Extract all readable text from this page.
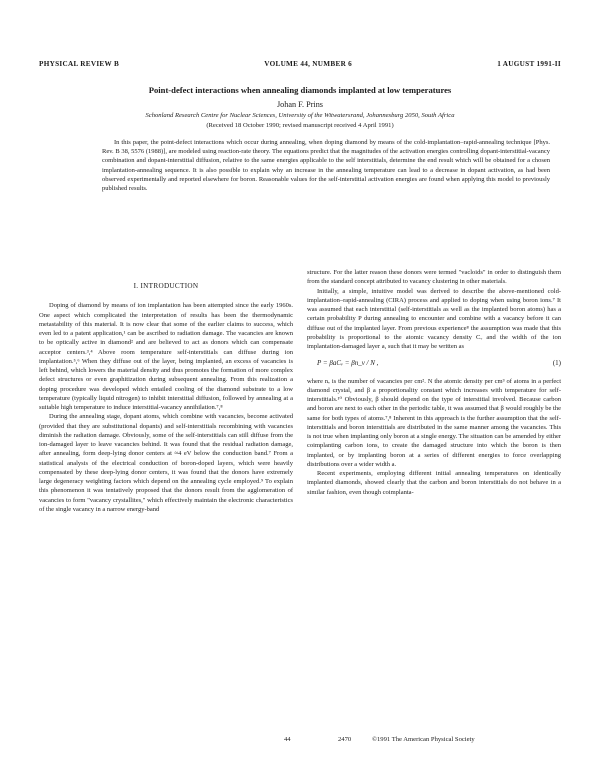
PHYSICAL REVIEW B	VOLUME 44, NUMBER 6	1 AUGUST 1991-II
Point-defect interactions when annealing diamonds implanted at low temperatures
Johan F. Prins
Schonland Research Centre for Nuclear Sciences, University of the Witwatersrand, Johannesburg 2050, South Africa
(Received 18 October 1990; revised manuscript received 4 April 1991)
In this paper, the point-defect interactions which occur during annealing, when doping diamond by means of the cold-implantation–rapid-annealing technique [Phys. Rev. B 38, 5576 (1988)], are modeled using reaction-rate theory. The equations predict that the magnitudes of the activation energies controlling dopant-interstitial-vacancy combination and dopant-interstitial diffusion, relative to the same energies applicable to the self interstitials, determine the end result which will be obtained for a chosen implantation-annealing sequence. It is also possible to explain why an increase in the annealing temperature can lead to a decrease in dopant activation, as had been observed experimentally and reported elsewhere for boron. Reasonable values for the self-interstitial activation energies are found when applying this model to previously published results.
I. INTRODUCTION

Doping of diamond by means of ion implantation has been attempted since the early 1960s. One aspect which complicated the interpretation of results has been the thermodynamic metastability of this material. It is now clear that some of the earlier claims to success, which even led to a patent application,¹ can be ascribed to radiation damage. The vacancies are known to be optically active in diamond² and are believed to act as donors which can compensate acceptor centers.³,⁴ Above room temperature self-interstitials can diffuse during ion implantation.⁵,⁶ When they diffuse out of the layer, being implanted, an excess of vacancies is left behind, which lowers the material density and thus promotes the formation of more complex defect structures or even graphitization during subsequent annealing. From this realization a doping procedure was developed which entailed cooling of the diamond substrate to a low temperature (typically liquid nitrogen) to inhibit interstitial diffusion, followed by annealing at a suitable high temperature to induce interstitial-vacancy annihilation.⁷,⁸

During the annealing stage, dopant atoms, which combine with vacancies, become activated (provided that they are substitutional dopants) and self-interstitials recombining with vacancies diminish the radiation damage. Obviously, some of the self-interstitials can still diffuse from the ion-damaged layer to leave vacancies behind. It was found that the residual radiation damage, after annealing, form deep-lying donor centers at ≈4 eV below the conduction band.⁷ From a statistical analysis of the electrical conduction of boron-doped layers, which were heavily compensated by these deep-lying donor centers, it was found that the donors have extremely large degeneracy weighting factors which depend on the annealing cycle employed.⁹ To explain this phenomenon it was tentatively proposed that the donors result from the agglomeration of vacancies to form "vacancy crystallites," which effectively maintain the electronic characteristics of the single vacancy in a narrow energy-band

structure. For the latter reason these donors were termed "vacloids" in order to distinguish them from the standard concept attributed to vacancy clustering in other materials.

Initially, a simple, intuitive model was derived to describe the above-mentioned cold-implantation–rapid-annealing (CIRA) process and applied to doping when using boron ions.⁷ It was assumed that each interstitial (self-interstitials as well as the implanted boron atoms) has a certain probability P during annealing to encounter and combine with a vacancy before it can diffuse out of the implanted layer. From previous experience⁸ the assumption was made that this probability is proportional to the atomic vacancy density Cᵥ and the width of the ion implantation-damaged layer a, such that it may be written as

P = βaCᵥ = βn_v / N ,	(1)

where nᵥ is the number of vacancies per cm². N the atomic density per cm³ of atoms in a perfect diamond crystal, and β a proportionality constant which increases with temperature for self-interstitials.¹⁰ Obviously, β should depend on the type of interstitial involved. Because carbon and boron are next to each other in the periodic table, it was assumed that β would roughly be the same for both types of atoms.⁷,⁸ Inherent in this approach is the further assumption that the self-interstitials and boron interstitials are distributed in the same manner among the vacancies. This is not true when implanting only boron at a single energy. The situation can be amended by either coimplanting carbon ions, to create the damaged structure into which the boron is then implanted, or by implanting boron at a series of different energies to force overlapping distributions over a wider width a.

Recent experiments, employing different initial annealing temperatures on identically implanted diamonds, showed clearly that the carbon and boron interstitials do not behave in a similar fashion, even though coimplanta-

44	2470	©1991 The American Physical Society
